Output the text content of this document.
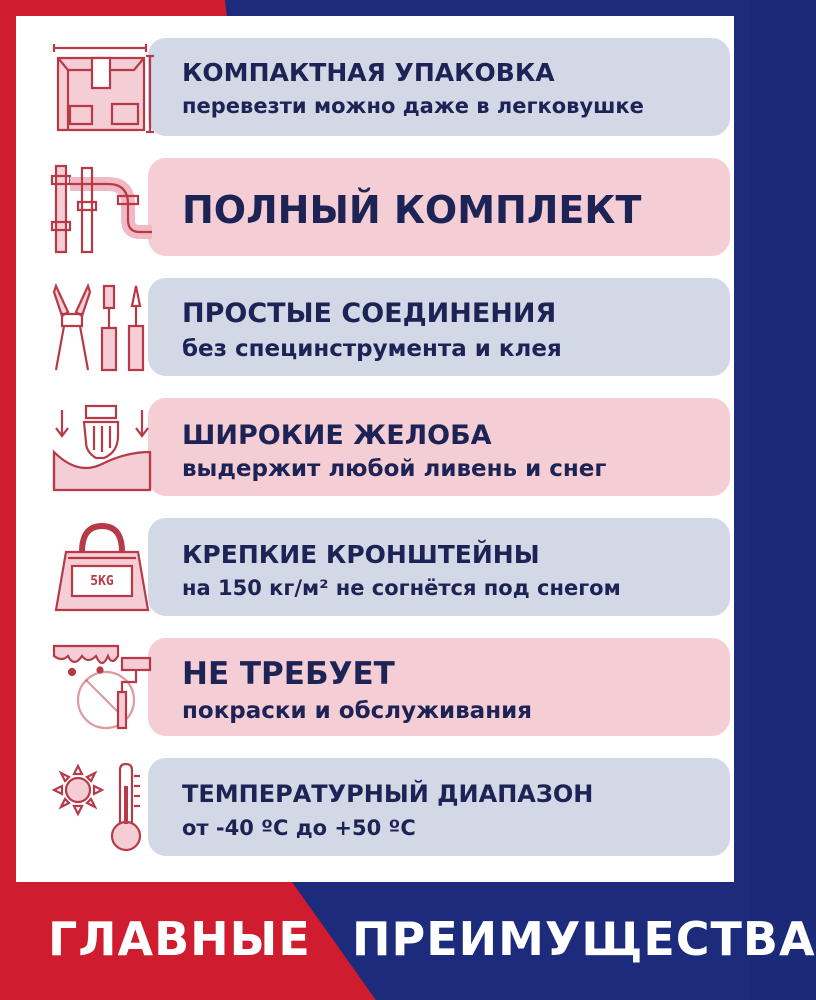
КОМПАКТНАЯ УПАКОВКА
перевезти можно даже в легковушке
ПОЛНЫЙ КОМПЛЕКТ
ПРОСТЫЕ СОЕДИНЕНИЯ
без специнструмента и клея
ШИРОКИЕ ЖЕЛОБА
выдержит любой ливень и снег
5KG
КРЕПКИЕ КРОНШТЕЙНЫ
на 150 кг/м² не согнётся под снегом
НЕ ТРЕБУЕТ
покраски и обслуживания
ТЕМПЕРАТУРНЫЙ ДИАПАЗОН
от -40 ºС до +50 ºС
ГЛАВНЫЕ ПРЕИМУЩЕСТВА
